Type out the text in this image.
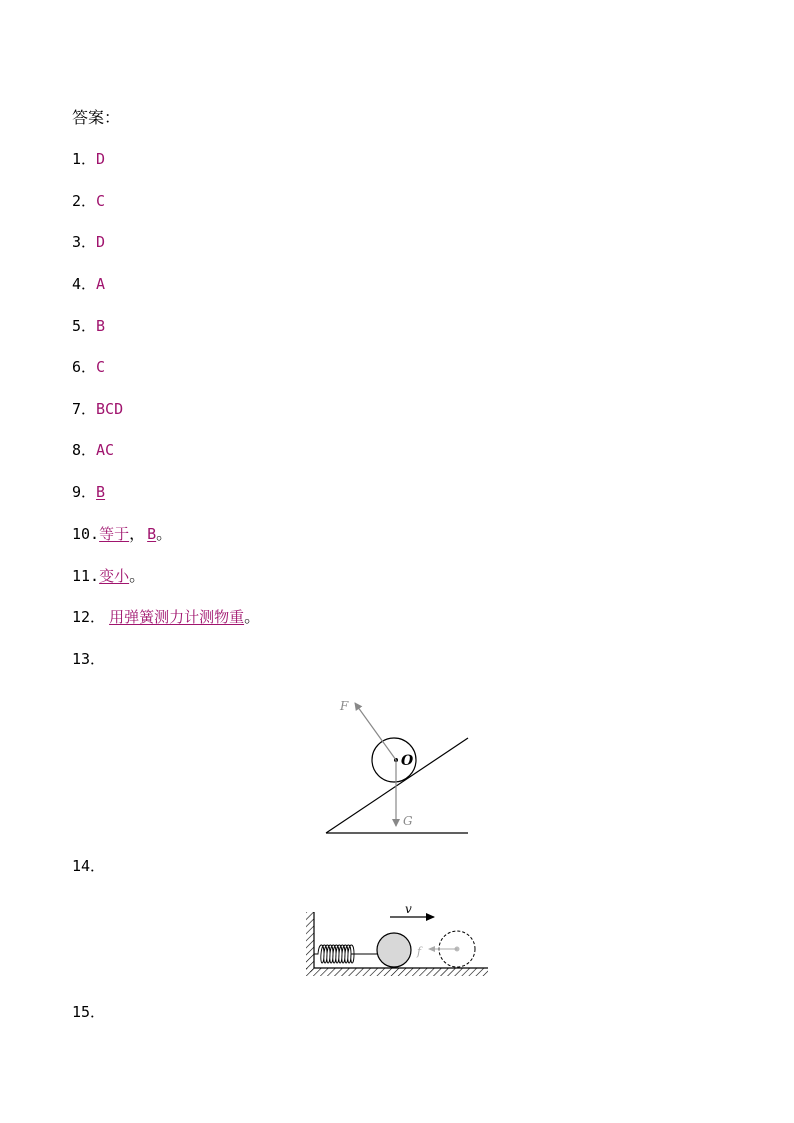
答案：
1．D
2．C
3．D
4．A
5．B
6．C
7．BCD
8．AC
9．B
10.等于， B。
11.变小。
12． 用弹簧测力计测物重。
13．
F
O
G
14．
f
v
15．
